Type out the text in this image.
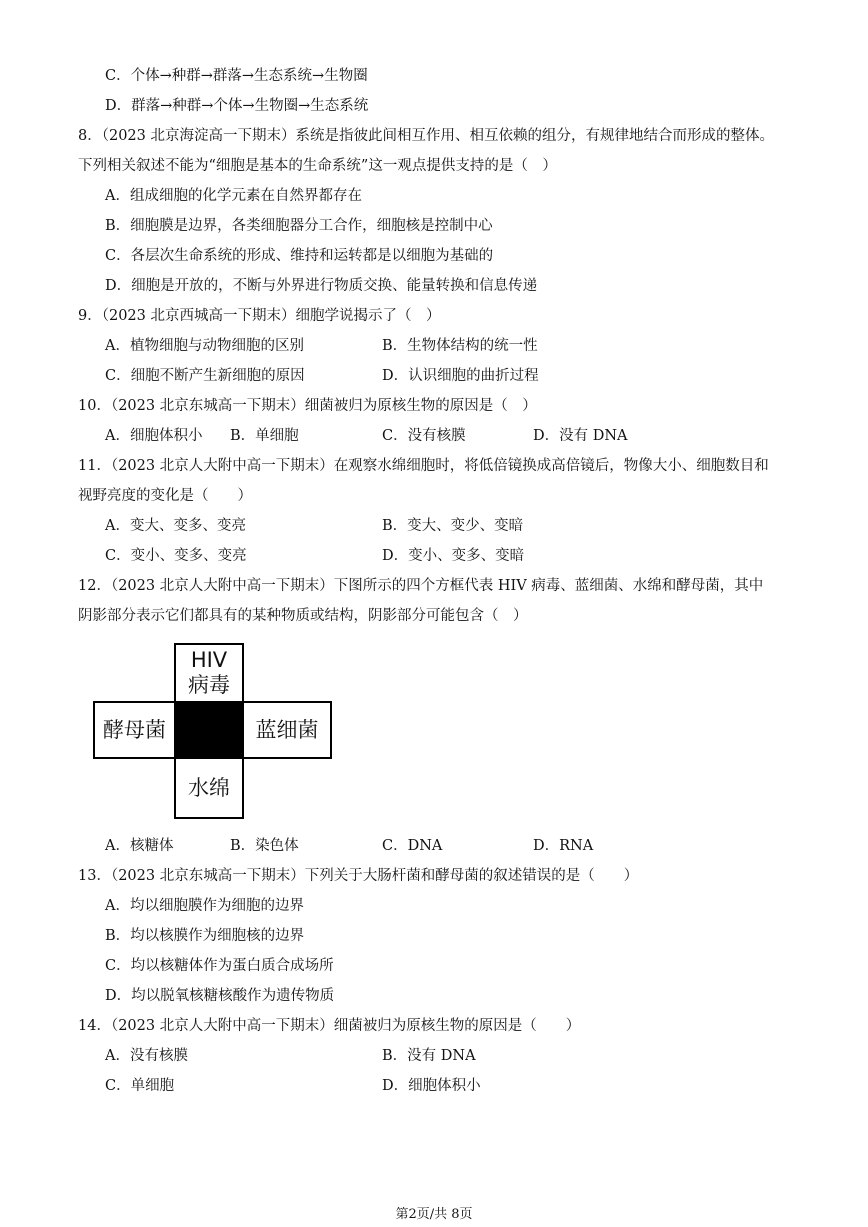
C．个体→种群→群落→生态系统→生物圈
D．群落→种群→个体→生物圈→生态系统
8．（2023 北京海淀高一下期末）系统是指彼此间相互作用、相互依赖的组分，有规律地结合而形成的整体。
下列相关叙述不能为“细胞是基本的生命系统”这一观点提供支持的是（　）
A．组成细胞的化学元素在自然界都存在
B．细胞膜是边界，各类细胞器分工合作，细胞核是控制中心
C．各层次生命系统的形成、维持和运转都是以细胞为基础的
D．细胞是开放的，不断与外界进行物质交换、能量转换和信息传递
9．（2023 北京西城高一下期末）细胞学说揭示了（　）
A．植物细胞与动物细胞的区别	B．生物体结构的统一性
C．细胞不断产生新细胞的原因	D．认识细胞的曲折过程
10．（2023 北京东城高一下期末）细菌被归为原核生物的原因是（　）
A．细胞体积小 B．单细胞	C．没有核膜	D．没有 DNA
11．（2023 北京人大附中高一下期末）在观察水绵细胞时，将低倍镜换成高倍镜后，物像大小、细胞数目和
视野亮度的变化是（　　）
A．变大、变多、变亮	B．变大、变少、变暗
C．变小、变多、变亮	D．变小、变多、变暗
12．（2023 北京人大附中高一下期末）下图所示的四个方框代表 HIV 病毒、蓝细菌、水绵和酵母菌，其中
阴影部分表示它们都具有的某种物质或结构，阴影部分可能包含（　）
HIV
病毒
酵母菌	蓝细菌
水绵
A．核糖体	B．染色体	C．DNA	D．RNA
13．（2023 北京东城高一下期末）下列关于大肠杆菌和酵母菌的叙述错误的是（　　）
A．均以细胞膜作为细胞的边界
B．均以核膜作为细胞核的边界
C．均以核糖体作为蛋白质合成场所
D．均以脱氧核糖核酸作为遗传物质
14．（2023 北京人大附中高一下期末）细菌被归为原核生物的原因是（　　）
A．没有核膜	B．没有 DNA
C．单细胞	D．细胞体积小
第2页/共 8页
